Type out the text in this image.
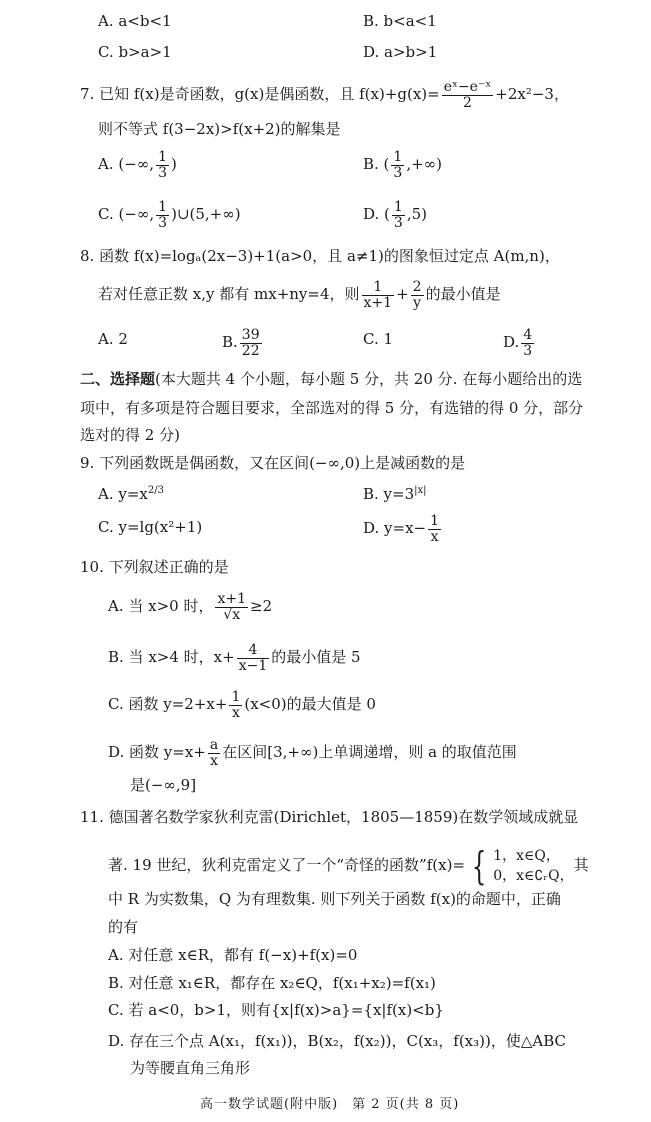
A. a<b<1	B. b<a<1
C. b>a>1	D. a>b>1
7. 已知 f(x)是奇函数，g(x)是偶函数，且 $f(x)+g(x)= \frac{\text{eˣ−e⁻ˣ}}{2} +2x^2-3$，
则不等式 f(3−2x)>f(x+2)的解集是
A. (−∞, $\frac{1}{3}$ )	B. ( $\frac{1}{3}$ ,+∞)
C. (−∞, $\frac{1}{3}$ )∪(5,+∞)	D. ( $\frac{1}{3} ,5$)
8. 函数 f(x)=logₐ(2x−3)+1(a>0，且 a≠1)的图象恒过定点 A(m,n)，
若对任意正数 x,y 都有 mx+ny=4，则 $\frac{1}{x+1} + \frac{2}{y}$ 的最小值是
A. 2	B. $\frac{39}{22}$	C. 1	D. $\frac{4}{3}$
二、选择题(本大题共 4 个小题，每小题 5 分，共 20 分. 在每小题给出的选
项中，有多项是符合题目要求，全部选对的得 5 分，有选错的得 0 分，部分
选对的得 2 分)
9. 下列函数既是偶函数，又在区间(−∞,0)上是减函数的是
A. $y=x^{2/3}$	B. $y=3^{|x|}$
C. y=lg(x²+1)	D. $y=x- \frac{1}{x}$
10. 下列叙述正确的是
A. 当 x>0 时， $\frac{x+1}{√x} \ge 2$
B. 当 x>4 时，$x+ \frac{4}{x-1}$ 的最小值是 5
C. 函数 $y=2+x+ \frac{1}{x} (x<0)$的最大值是 0
D. 函数 $y=x+ \frac{a}{x}$ 在区间[3,+∞)上单调递增，则 a 的取值范围
是(−∞,9]
11. 德国著名数学家狄利克雷(Dirichlet，1805—1859)在数学领域成就显
著. 19 世纪，狄利克雷定义了一个“奇怪的函数”f(x)= { 1，x∈Q，
0，x∈∁ᵣQ，
其
中 R 为实数集，Q 为有理数集. 则下列关于函数 f(x)的命题中，正确
的有
A. 对任意 x∈R，都有 f(−x)+f(x)=0
B. 对任意 x₁∈R，都存在 x₂∈Q，f(x₁+x₂)=f(x₁)
C. 若 a<0，b>1，则有{x|f(x)>a}={x|f(x)<b}
D. 存在三个点 A(x₁，f(x₁))，B(x₂，f(x₂))，C(x₃，f(x₃))，使△ABC
为等腰直角三角形
高一数学试题(附中版)　第 2 页(共 8 页)
